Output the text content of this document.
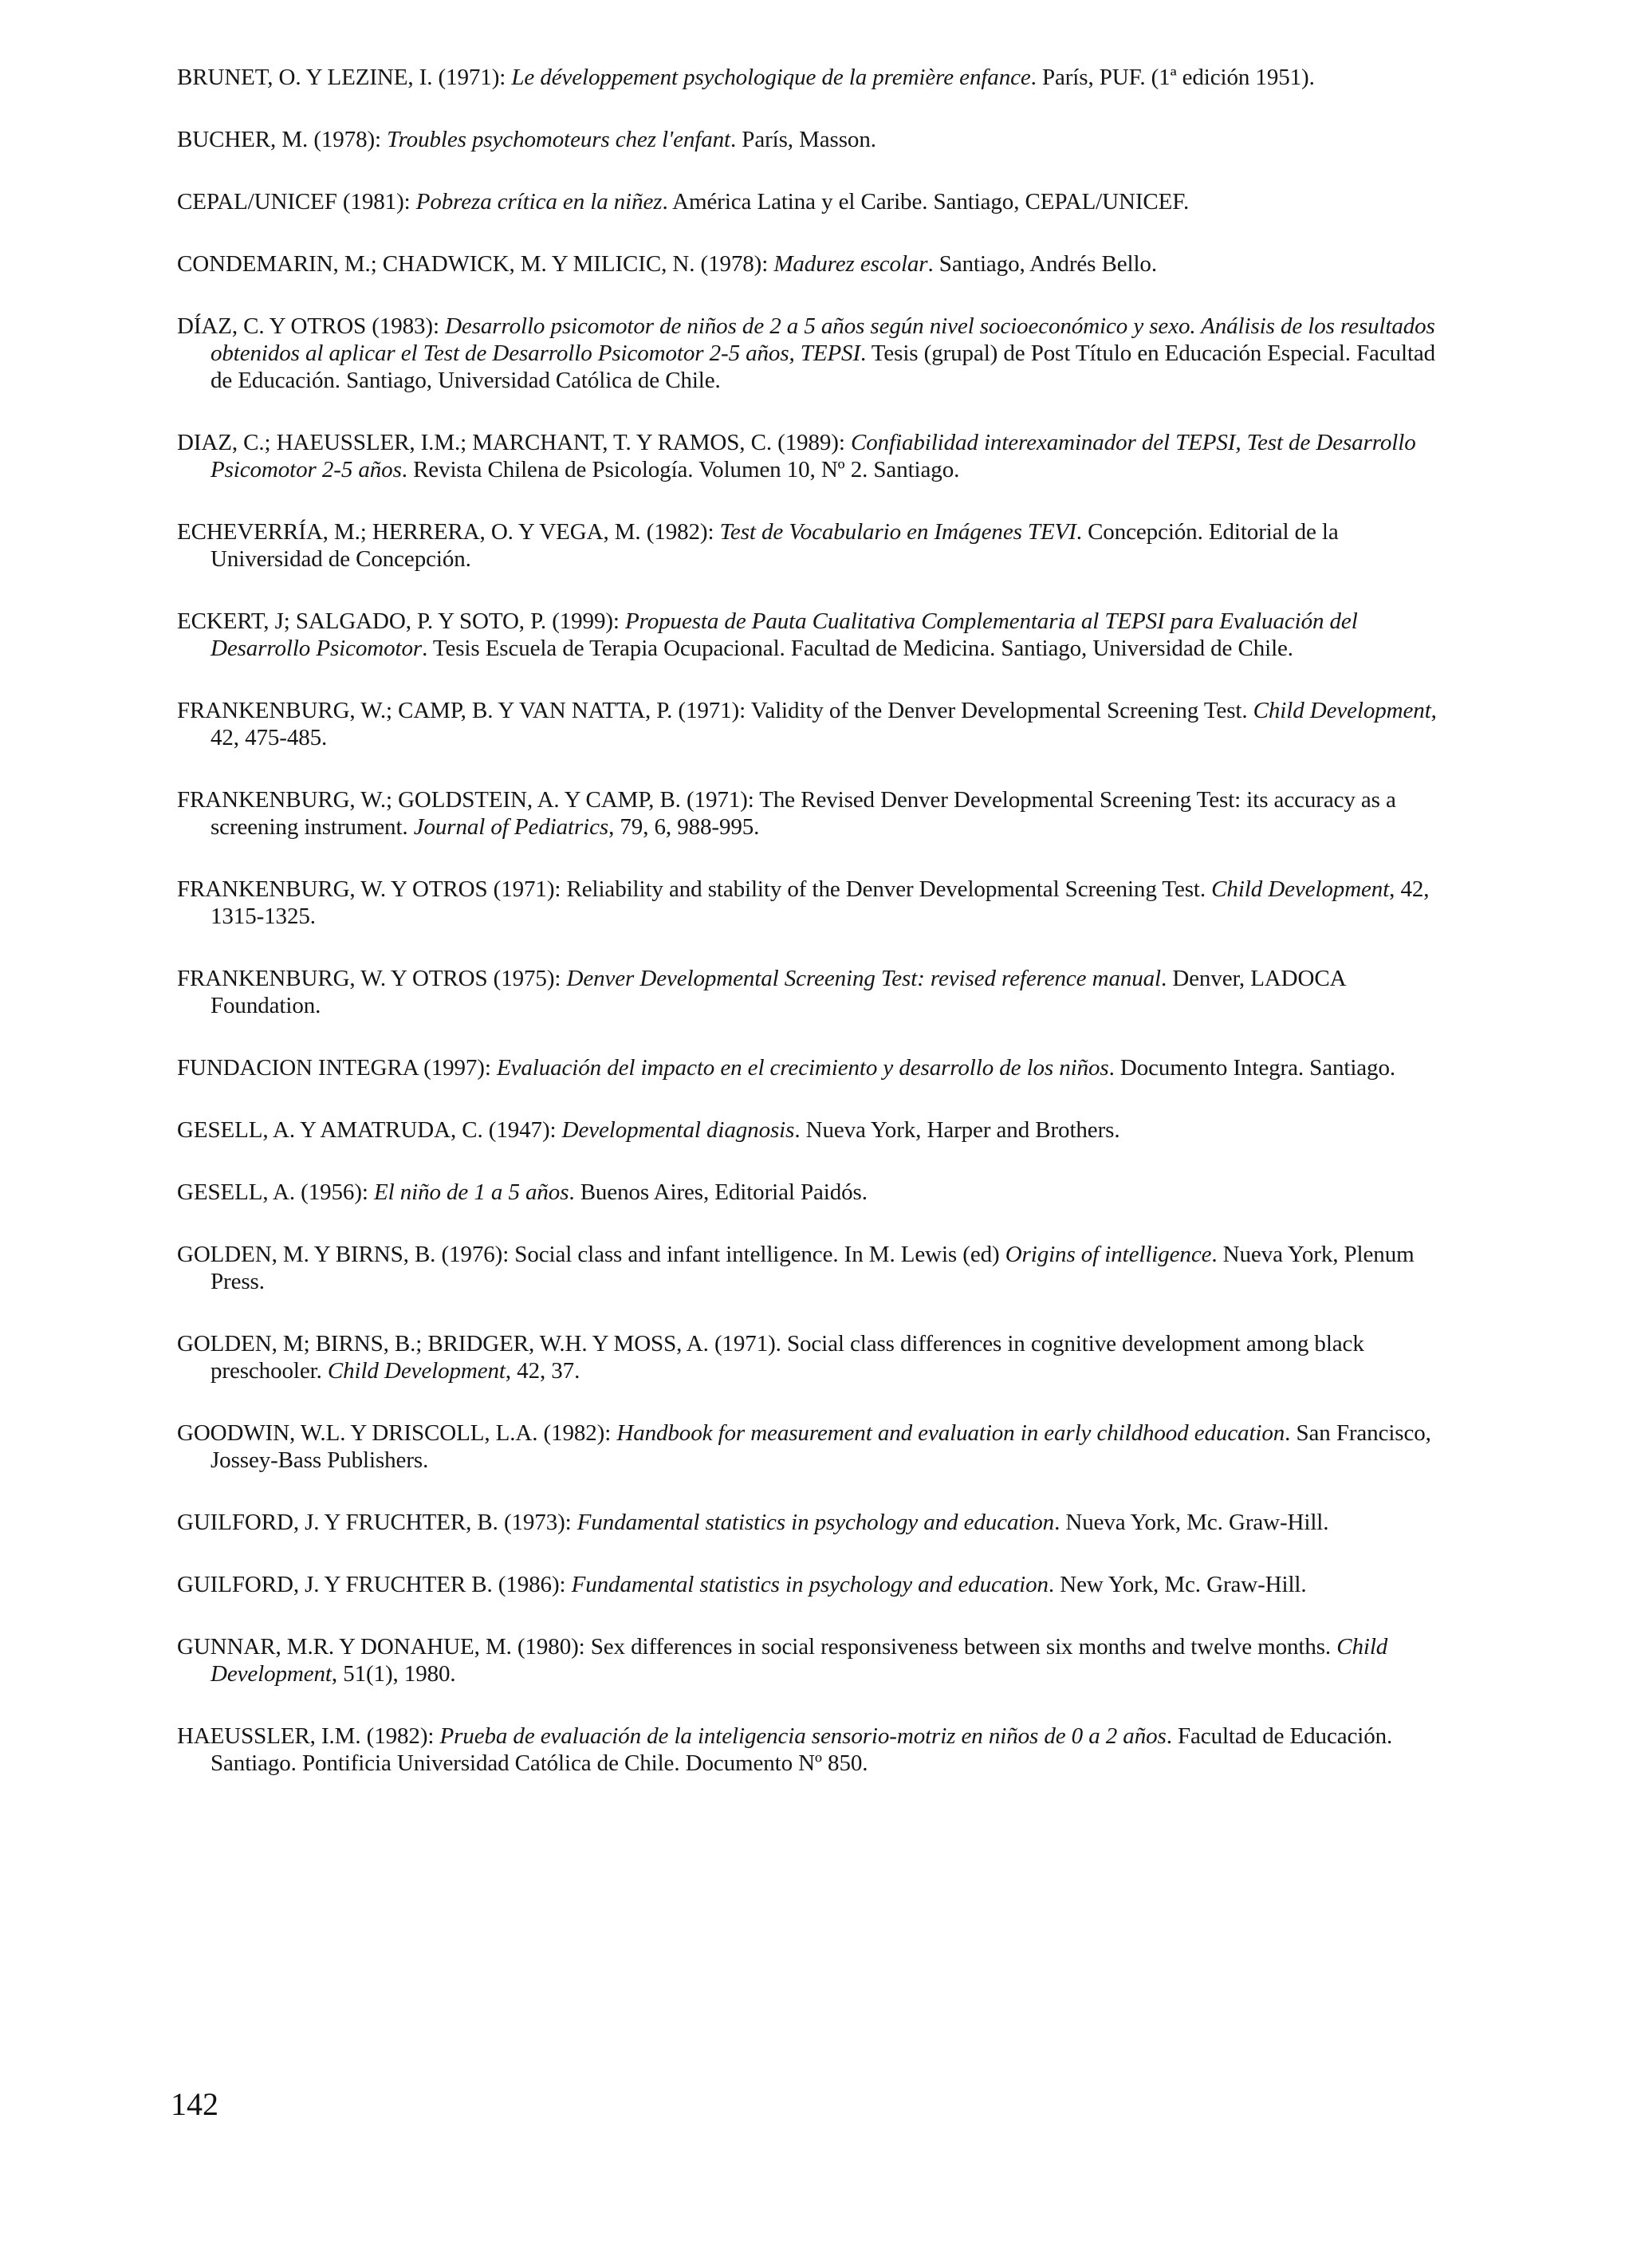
BRUNET, O. Y LEZINE, I. (1971): Le développement psychologique de la première enfance. París, PUF. (1ª edición 1951).
BUCHER, M. (1978): Troubles psychomoteurs chez l'enfant. París, Masson.
CEPAL/UNICEF (1981): Pobreza crítica en la niñez. América Latina y el Caribe. Santiago, CEPAL/UNICEF.
CONDEMARIN, M.; CHADWICK, M. Y MILICIC, N. (1978): Madurez escolar. Santiago, Andrés Bello.
DÍAZ, C. Y OTROS (1983): Desarrollo psicomotor de niños de 2 a 5 años según nivel socioeconómico y sexo. Análisis de los resultados obtenidos al aplicar el Test de Desarrollo Psicomotor 2-5 años, TEPSI. Tesis (grupal) de Post Título en Educación Especial. Facultad de Educación. Santiago, Universidad Católica de Chile.
DIAZ, C.; HAEUSSLER, I.M.; MARCHANT, T. Y RAMOS, C. (1989): Confiabilidad interexaminador del TEPSI, Test de Desarrollo Psicomotor 2-5 años. Revista Chilena de Psicología. Volumen 10, Nº 2. Santiago.
ECHEVERRÍA, M.; HERRERA, O. Y VEGA, M. (1982): Test de Vocabulario en Imágenes TEVI. Concepción. Editorial de la Universidad de Concepción.
ECKERT, J; SALGADO, P. Y SOTO, P. (1999): Propuesta de Pauta Cualitativa Complementaria al TEPSI para Evaluación del Desarrollo Psicomotor. Tesis Escuela de Terapia Ocupacional. Facultad de Medicina. Santiago, Universidad de Chile.
FRANKENBURG, W.; CAMP, B. Y VAN NATTA, P. (1971): Validity of the Denver Developmental Screening Test. Child Development, 42, 475-485.
FRANKENBURG, W.; GOLDSTEIN, A. Y CAMP, B. (1971): The Revised Denver Developmental Screening Test: its accuracy as a screening instrument. Journal of Pediatrics, 79, 6, 988-995.
FRANKENBURG, W. Y OTROS (1971): Reliability and stability of the Denver Developmental Screening Test. Child Development, 42, 1315-1325.
FRANKENBURG, W. Y OTROS (1975): Denver Developmental Screening Test: revised reference manual. Denver, LADOCA Foundation.
FUNDACION INTEGRA (1997): Evaluación del impacto en el crecimiento y desarrollo de los niños. Documento Integra. Santiago.
GESELL, A. Y AMATRUDA, C. (1947): Developmental diagnosis. Nueva York, Harper and Brothers.
GESELL, A. (1956): El niño de 1 a 5 años. Buenos Aires, Editorial Paidós.
GOLDEN, M. Y BIRNS, B. (1976): Social class and infant intelligence. In M. Lewis (ed) Origins of intelligence. Nueva York, Plenum Press.
GOLDEN, M; BIRNS, B.; BRIDGER, W.H. Y MOSS, A. (1971). Social class differences in cognitive development among black preschooler. Child Development, 42, 37.
GOODWIN, W.L. Y DRISCOLL, L.A. (1982): Handbook for measurement and evaluation in early childhood education. San Francisco, Jossey-Bass Publishers.
GUILFORD, J. Y FRUCHTER, B. (1973): Fundamental statistics in psychology and education. Nueva York, Mc. Graw-Hill.
GUILFORD, J. Y FRUCHTER B. (1986): Fundamental statistics in psychology and education. New York, Mc. Graw-Hill.
GUNNAR, M.R. Y DONAHUE, M. (1980): Sex differences in social responsiveness between six months and twelve months. Child Development, 51(1), 1980.
HAEUSSLER, I.M. (1982): Prueba de evaluación de la inteligencia sensorio-motriz en niños de 0 a 2 años. Facultad de Educación. Santiago. Pontificia Universidad Católica de Chile. Documento Nº 850.
142
